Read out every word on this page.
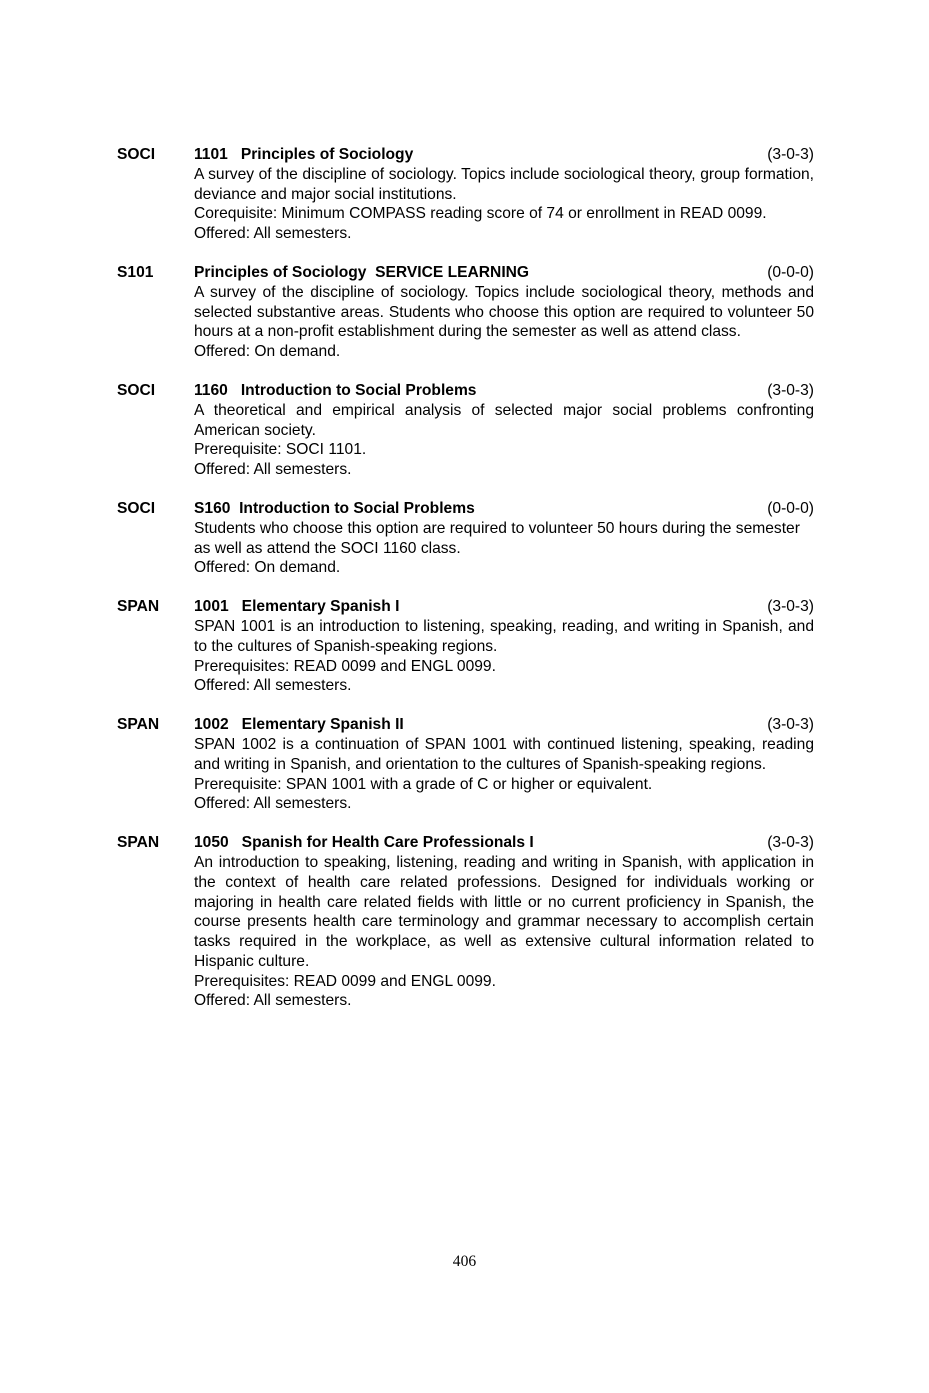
SOCI	1101   Principles of Sociology	(3-0-3)
A survey of the discipline of sociology. Topics include sociological theory, group formation, deviance and major social institutions.
Corequisite: Minimum COMPASS reading score of 74 or enrollment in READ 0099.
Offered: All semesters.
S101	Principles of Sociology  SERVICE LEARNING	(0-0-0)
A survey of the discipline of sociology. Topics include sociological theory, methods and selected substantive areas. Students who choose this option are required to volunteer 50 hours at a non-profit establishment during the semester as well as attend class.
Offered: On demand.
SOCI	1160   Introduction to Social Problems	(3-0-3)
A theoretical and empirical analysis of selected major social problems confronting American society.
Prerequisite: SOCI 1101.
Offered: All semesters.
SOCI	S160  Introduction to Social Problems	(0-0-0)
Students who choose this option are required to volunteer 50 hours during the semester as well as attend the SOCI 1160 class.
Offered: On demand.
SPAN	1001   Elementary Spanish I	(3-0-3)
SPAN 1001 is an introduction to listening, speaking, reading, and writing in Spanish, and to the cultures of Spanish-speaking regions.
Prerequisites: READ 0099 and ENGL 0099.
Offered: All semesters.
SPAN	1002   Elementary Spanish II	(3-0-3)
SPAN 1002 is a continuation of SPAN 1001 with continued listening, speaking, reading and writing in Spanish, and orientation to the cultures of Spanish-speaking regions.
Prerequisite: SPAN 1001 with a grade of C or higher or equivalent.
Offered: All semesters.
SPAN	1050   Spanish for Health Care Professionals I	(3-0-3)
An introduction to speaking, listening, reading and writing in Spanish, with application in the context of health care related professions. Designed for individuals working or majoring in health care related fields with little or no current proficiency in Spanish, the course presents health care terminology and grammar necessary to accomplish certain tasks required in the workplace, as well as extensive cultural information related to Hispanic culture.
Prerequisites: READ 0099 and ENGL 0099.
Offered: All semesters.
406
